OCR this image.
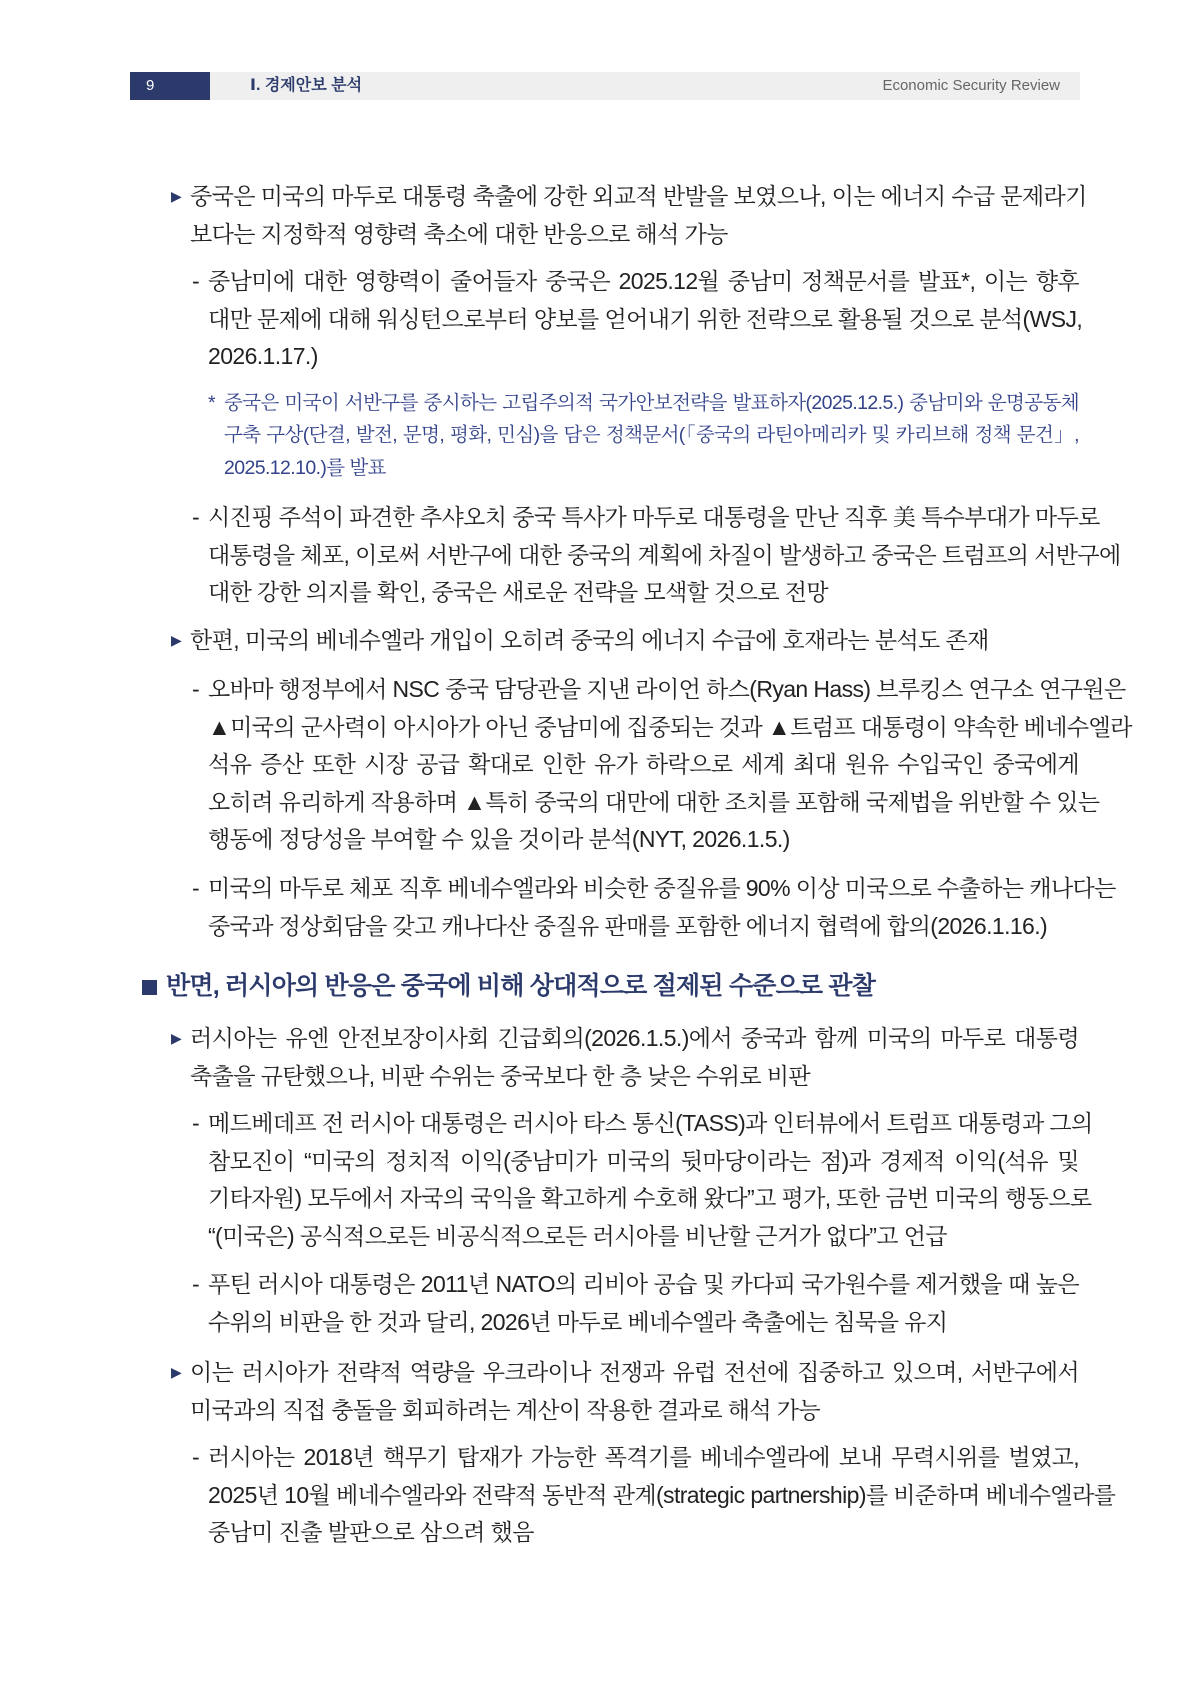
9	Ⅰ. 경제안보 분석	Economic Security Review
▶ 중국은 미국의 마두로 대통령 축출에 강한 외교적 반발을 보였으나, 이는 에너지 수급 문제라기
보다는 지정학적 영향력 축소에 대한 반응으로 해석 가능
- 중남미에 대한 영향력이 줄어들자 중국은 2025.12월 중남미 정책문서를 발표*, 이는 향후
대만 문제에 대해 워싱턴으로부터 양보를 얻어내기 위한 전략으로 활용될 것으로 분석(WSJ,
2026.1.17.)
* 중국은 미국이 서반구를 중시하는 고립주의적 국가안보전략을 발표하자(2025.12.5.) 중남미와 운명공동체
구축 구상(단결, 발전, 문명, 평화, 민심)을 담은 정책문서(「중국의 라틴아메리카 및 카리브해 정책 문건」,
2025.12.10.)를 발표
- 시진핑 주석이 파견한 추샤오치 중국 특사가 마두로 대통령을 만난 직후 美 특수부대가 마두로
대통령을 체포, 이로써 서반구에 대한 중국의 계획에 차질이 발생하고 중국은 트럼프의 서반구에
대한 강한 의지를 확인, 중국은 새로운 전략을 모색할 것으로 전망
▶ 한편, 미국의 베네수엘라 개입이 오히려 중국의 에너지 수급에 호재라는 분석도 존재
- 오바마 행정부에서 NSC 중국 담당관을 지낸 라이언 하스(Ryan Hass) 브루킹스 연구소 연구원은
▲미국의 군사력이 아시아가 아닌 중남미에 집중되는 것과 ▲트럼프 대통령이 약속한 베네수엘라
석유 증산 또한 시장 공급 확대로 인한 유가 하락으로 세계 최대 원유 수입국인 중국에게
오히려 유리하게 작용하며 ▲특히 중국의 대만에 대한 조치를 포함해 국제법을 위반할 수 있는
행동에 정당성을 부여할 수 있을 것이라 분석(NYT, 2026.1.5.)
- 미국의 마두로 체포 직후 베네수엘라와 비슷한 중질유를 90% 이상 미국으로 수출하는 캐나다는
중국과 정상회담을 갖고 캐나다산 중질유 판매를 포함한 에너지 협력에 합의(2026.1.16.)
반면, 러시아의 반응은 중국에 비해 상대적으로 절제된 수준으로 관찰
▶ 러시아는 유엔 안전보장이사회 긴급회의(2026.1.5.)에서 중국과 함께 미국의 마두로 대통령
축출을 규탄했으나, 비판 수위는 중국보다 한 층 낮은 수위로 비판
- 메드베데프 전 러시아 대통령은 러시아 타스 통신(TASS)과 인터뷰에서 트럼프 대통령과 그의
참모진이 “미국의 정치적 이익(중남미가 미국의 뒷마당이라는 점)과 경제적 이익(석유 및
기타자원) 모두에서 자국의 국익을 확고하게 수호해 왔다”고 평가, 또한 금번 미국의 행동으로
“(미국은) 공식적으로든 비공식적으로든 러시아를 비난할 근거가 없다”고 언급
- 푸틴 러시아 대통령은 2011년 NATO의 리비아 공습 및 카다피 국가원수를 제거했을 때 높은
수위의 비판을 한 것과 달리, 2026년 마두로 베네수엘라 축출에는 침묵을 유지
▶ 이는 러시아가 전략적 역량을 우크라이나 전쟁과 유럽 전선에 집중하고 있으며, 서반구에서
미국과의 직접 충돌을 회피하려는 계산이 작용한 결과로 해석 가능
- 러시아는 2018년 핵무기 탑재가 가능한 폭격기를 베네수엘라에 보내 무력시위를 벌였고,
2025년 10월 베네수엘라와 전략적 동반적 관계(strategic partnership)를 비준하며 베네수엘라를
중남미 진출 발판으로 삼으려 했음
